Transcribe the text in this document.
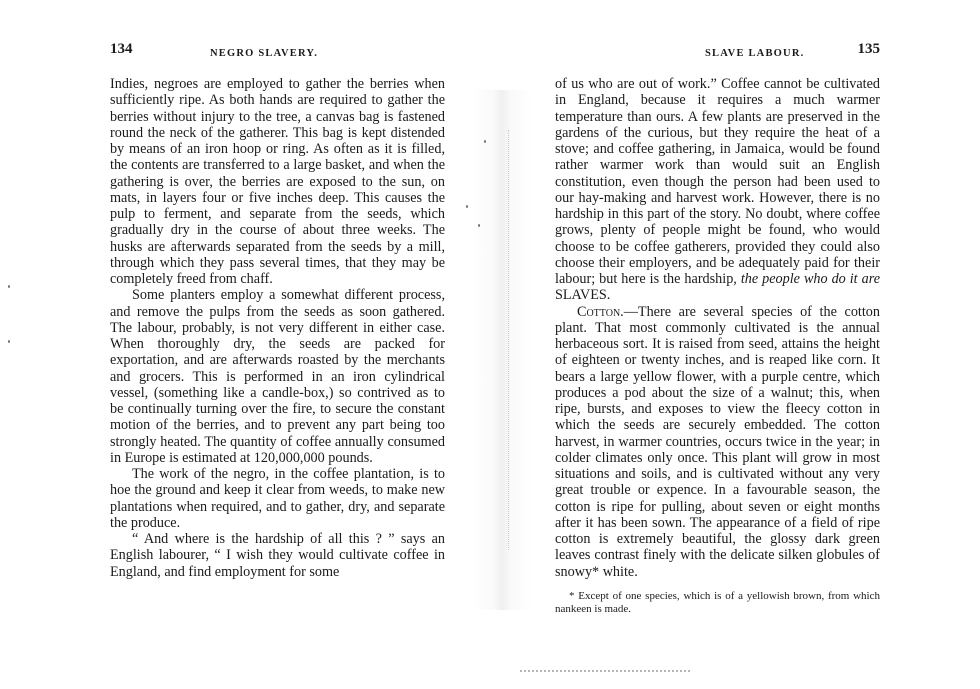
134	NEGRO SLAVERY.

Indies, negroes are employed to gather the berries when sufficiently ripe. As both hands are required to gather the berries without injury to the tree, a canvas bag is fastened round the neck of the gatherer. This bag is kept distended by means of an iron hoop or ring. As often as it is filled, the contents are transferred to a large basket, and when the gathering is over, the berries are exposed to the sun, on mats, in layers four or five inches deep. This causes the pulp to ferment, and separate from the seeds, which gradually dry in the course of about three weeks. The husks are afterwards separated from the seeds by a mill, through which they pass several times, that they may be completely freed from chaff.

Some planters employ a somewhat different process, and remove the pulps from the seeds as soon gathered. The labour, probably, is not very different in either case. When thoroughly dry, the seeds are packed for exportation, and are afterwards roasted by the merchants and grocers. This is performed in an iron cylindrical vessel, (something like a candle-box,) so contrived as to be continually turning over the fire, to secure the constant motion of the berries, and to prevent any part being too strongly heated. The quantity of coffee annually consumed in Europe is estimated at 120,000,000 pounds.

The work of the negro, in the coffee plantation, is to hoe the ground and keep it clear from weeds, to make new plantations when required, and to gather, dry, and separate the produce.

“ And where is the hardship of all this ? ” says an English labourer, “ I wish they would cultivate coffee in England, and find employment for some

SLAVE LABOUR.	135

of us who are out of work.” Coffee cannot be cultivated in England, because it requires a much warmer temperature than ours. A few plants are preserved in the gardens of the curious, but they require the heat of a stove; and coffee gathering, in Jamaica, would be found rather warmer work than would suit an English constitution, even though the person had been used to our hay-making and harvest work. However, there is no hardship in this part of the story. No doubt, where coffee grows, plenty of people might be found, who would choose to be coffee gatherers, provided they could also choose their employers, and be adequately paid for their labour; but here is the hardship, the people who do it are SLAVES.

Cotton.—There are several species of the cotton plant. That most commonly cultivated is the annual herbaceous sort. It is raised from seed, attains the height of eighteen or twenty inches, and is reaped like corn. It bears a large yellow flower, with a purple centre, which produces a pod about the size of a walnut; this, when ripe, bursts, and exposes to view the fleecy cotton in which the seeds are securely embedded. The cotton harvest, in warmer countries, occurs twice in the year; in colder climates only once. This plant will grow in most situations and soils, and is cultivated without any very great trouble or expence. In a favourable season, the cotton is ripe for pulling, about seven or eight months after it has been sown. The appearance of a field of ripe cotton is extremely beautiful, the glossy dark green leaves contrast finely with the delicate silken globules of snowy* white.

* Except of one species, which is of a yellowish brown, from which nankeen is made.
